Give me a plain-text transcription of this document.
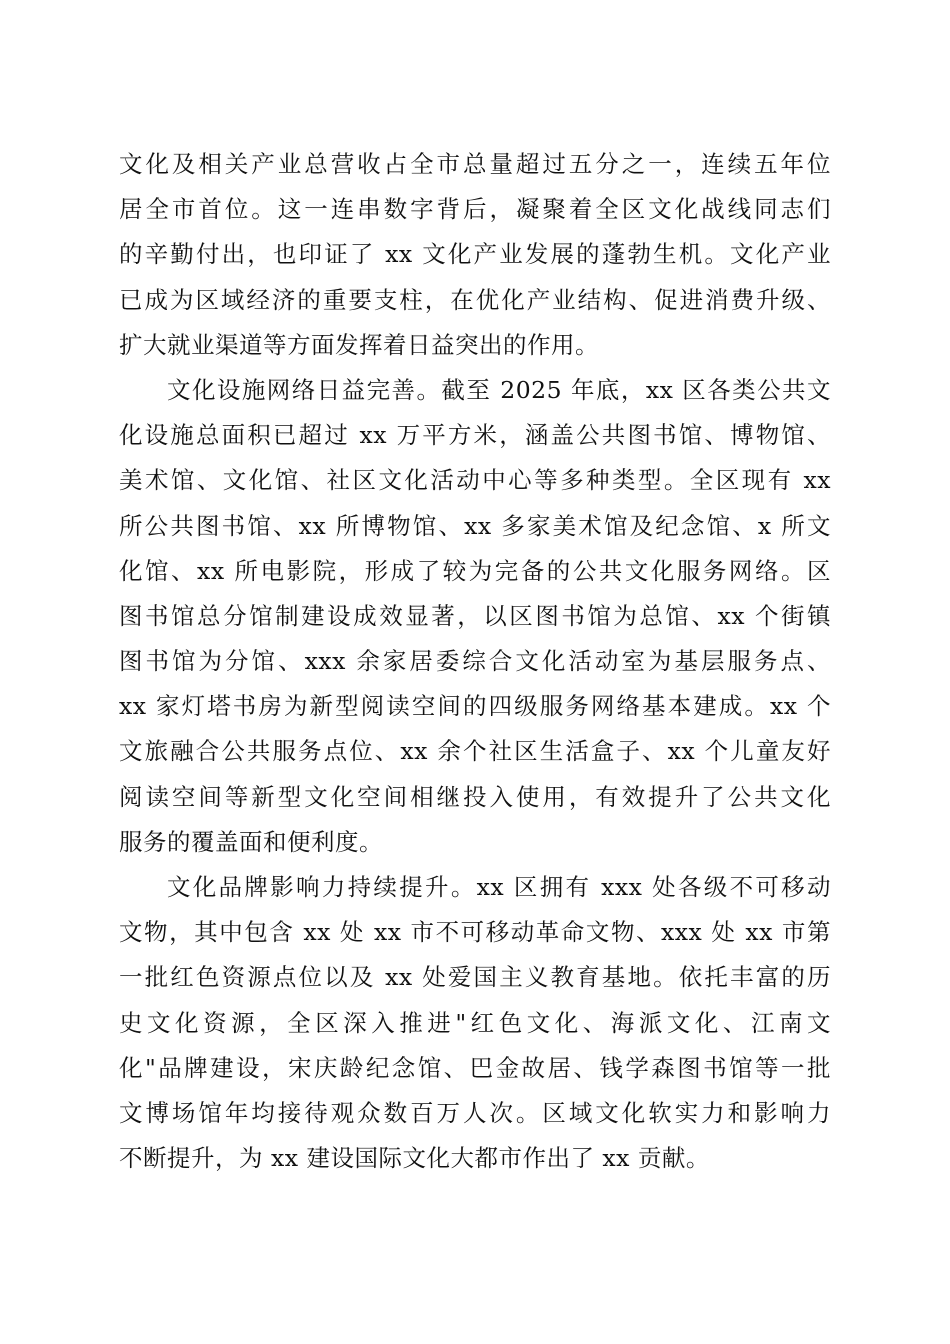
文化及相关产业总营收占全市总量超过五分之一，连续五年位
居全市首位。这一连串数字背后，凝聚着全区文化战线同志们
的辛勤付出，也印证了 xx 文化产业发展的蓬勃生机。文化产业
已成为区域经济的重要支柱，在优化产业结构、促进消费升级、
扩大就业渠道等方面发挥着日益突出的作用。
文化设施网络日益完善。截至 2025 年底，xx 区各类公共文
化设施总面积已超过 xx 万平方米，涵盖公共图书馆、博物馆、
美术馆、文化馆、社区文化活动中心等多种类型。全区现有 xx
所公共图书馆、xx 所博物馆、xx 多家美术馆及纪念馆、x 所文
化馆、xx 所电影院，形成了较为完备的公共文化服务网络。区
图书馆总分馆制建设成效显著，以区图书馆为总馆、xx 个街镇
图书馆为分馆、xxx 余家居委综合文化活动室为基层服务点、
xx 家灯塔书房为新型阅读空间的四级服务网络基本建成。xx 个
文旅融合公共服务点位、xx 余个社区生活盒子、xx 个儿童友好
阅读空间等新型文化空间相继投入使用，有效提升了公共文化
服务的覆盖面和便利度。
文化品牌影响力持续提升。xx 区拥有 xxx 处各级不可移动
文物，其中包含 xx 处 xx 市不可移动革命文物、xxx 处 xx 市第
一批红色资源点位以及 xx 处爱国主义教育基地。依托丰富的历
史文化资源，全区深入推进"红色文化、海派文化、江南文
化"品牌建设，宋庆龄纪念馆、巴金故居、钱学森图书馆等一批
文博场馆年均接待观众数百万人次。区域文化软实力和影响力
不断提升，为 xx 建设国际文化大都市作出了 xx 贡献。
